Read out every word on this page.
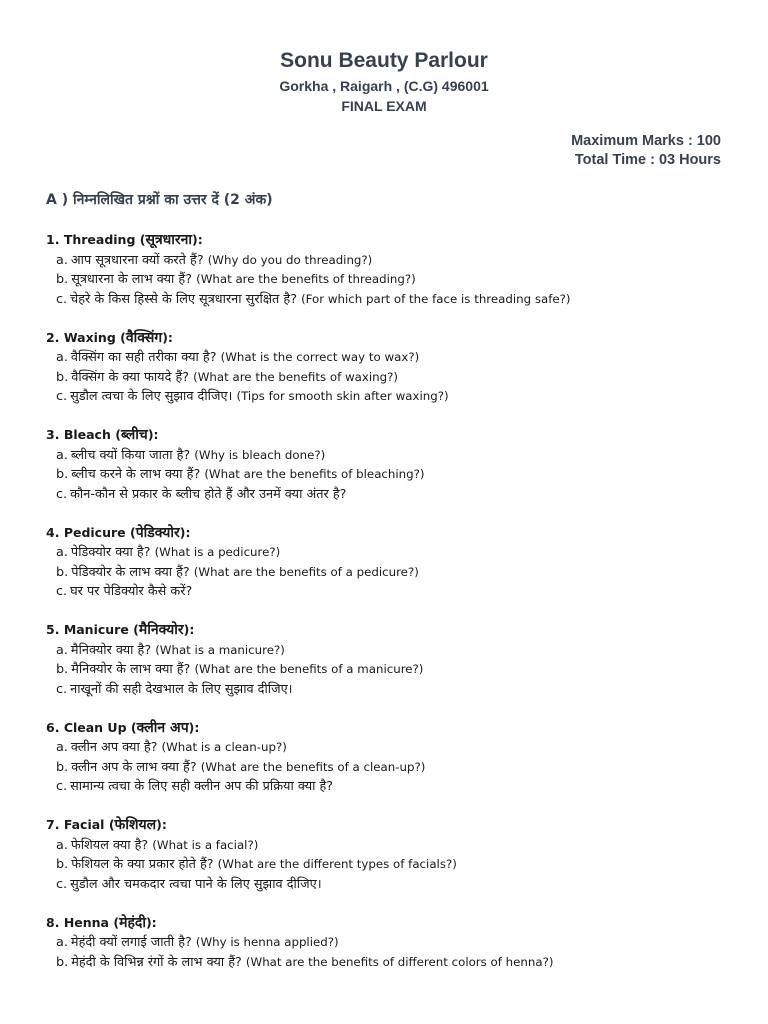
Sonu Beauty Parlour
Gorkha , Raigarh , (C.G) 496001
FINAL EXAM
Maximum Marks : 100
Total Time : 03 Hours
A ) निम्नलिखित प्रश्नों का उत्तर दें (2 अंक)
1. Threading (सूत्रधारना):
a. आप सूत्रधारना क्यों करते हैं? (Why do you do threading?)
b. सूत्रधारना के लाभ क्या हैं? (What are the benefits of threading?)
c. चेहरे के किस हिस्से के लिए सूत्रधारना सुरक्षित है? (For which part of the face is threading safe?)
2. Waxing (वैक्सिंग):
a. वैक्सिंग का सही तरीका क्या है? (What is the correct way to wax?)
b. वैक्सिंग के क्या फायदे हैं? (What are the benefits of waxing?)
c. सुडौल त्वचा के लिए सुझाव दीजिए। (Tips for smooth skin after waxing?)
3. Bleach (ब्लीच):
a. ब्लीच क्यों किया जाता है? (Why is bleach done?)
b. ब्लीच करने के लाभ क्या हैं? (What are the benefits of bleaching?)
c. कौन-कौन से प्रकार के ब्लीच होते हैं और उनमें क्या अंतर है?
4. Pedicure (पेडिक्योर):
a. पेडिक्योर क्या है? (What is a pedicure?)
b. पेडिक्योर के लाभ क्या हैं? (What are the benefits of a pedicure?)
c. घर पर पेडिक्योर कैसे करें?
5. Manicure (मैनिक्योर):
a. मैनिक्योर क्या है? (What is a manicure?)
b. मैनिक्योर के लाभ क्या हैं? (What are the benefits of a manicure?)
c. नाखूनों की सही देखभाल के लिए सुझाव दीजिए।
6. Clean Up (क्लीन अप):
a. क्लीन अप क्या है? (What is a clean-up?)
b. क्लीन अप के लाभ क्या हैं? (What are the benefits of a clean-up?)
c. सामान्य त्वचा के लिए सही क्लीन अप की प्रक्रिया क्या है?
7. Facial (फेशियल):
a. फेशियल क्या है? (What is a facial?)
b. फेशियल के क्या प्रकार होते हैं? (What are the different types of facials?)
c. सुडौल और चमकदार त्वचा पाने के लिए सुझाव दीजिए।
8. Henna (मेहंदी):
a. मेहंदी क्यों लगाई जाती है? (Why is henna applied?)
b. मेहंदी के विभिन्न रंगों के लाभ क्या हैं? (What are the benefits of different colors of henna?)
